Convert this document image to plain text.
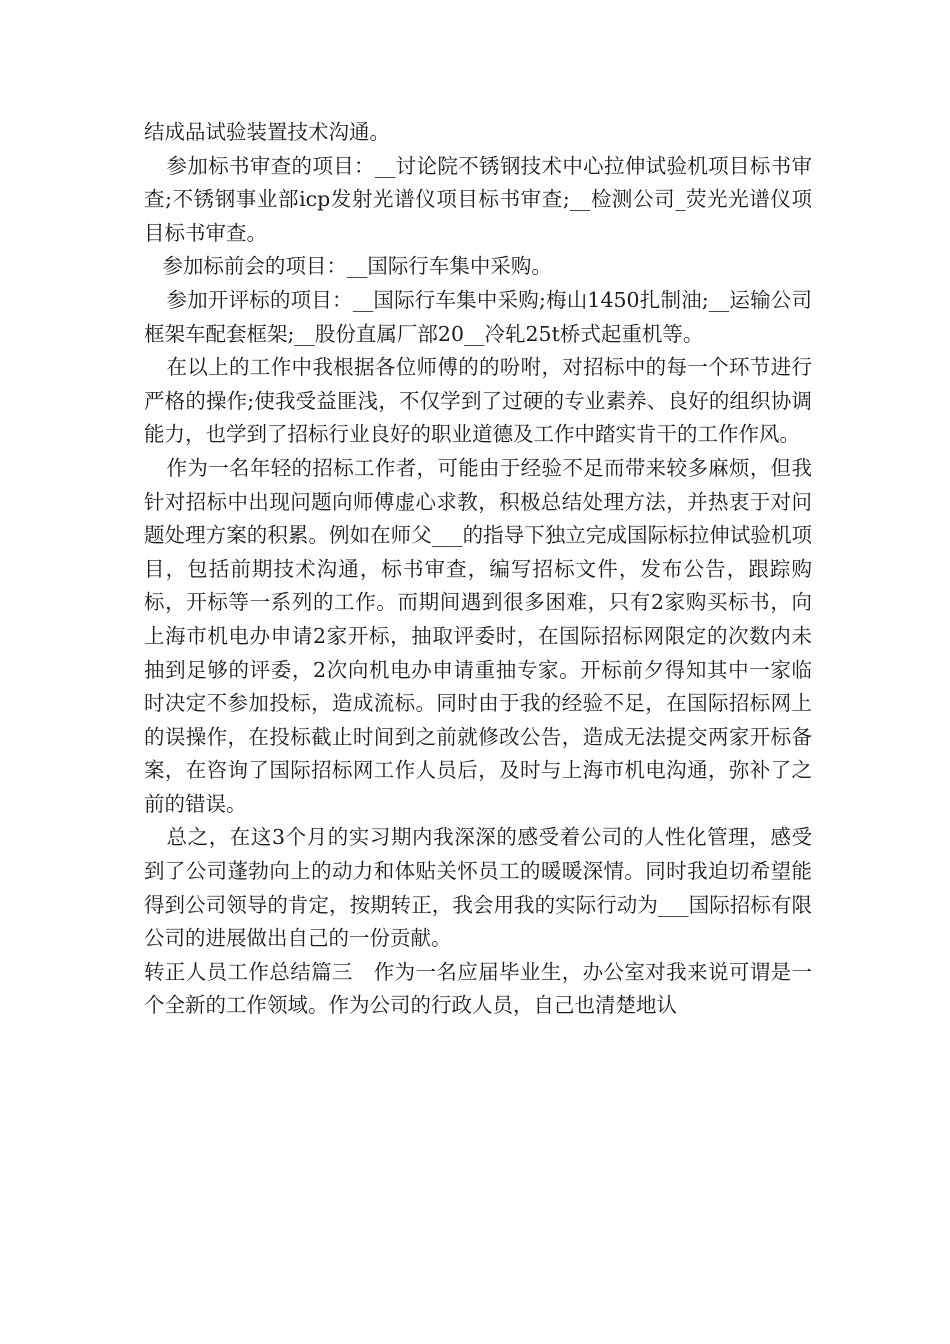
结成品试验装置技术沟通。

参加标书审查的项目：__讨论院不锈钢技术中心拉伸试验机项目标书审查;不锈钢事业部icp发射光谱仪项目标书审查;__检测公司_荧光光谱仪项目标书审查。

参加标前会的项目：__国际行车集中采购。

参加开评标的项目：__国际行车集中采购;梅山1450扎制油;__运输公司框架车配套框架;__股份直属厂部20__冷轧25t桥式起重机等。

在以上的工作中我根据各位师傅的的吩咐，对招标中的每一个环节进行严格的操作;使我受益匪浅，不仅学到了过硬的专业素养、良好的组织协调能力，也学到了招标行业良好的职业道德及工作中踏实肯干的工作作风。

作为一名年轻的招标工作者，可能由于经验不足而带来较多麻烦，但我针对招标中出现问题向师傅虚心求教，积极总结处理方法，并热衷于对问题处理方案的积累。例如在师父___的指导下独立完成国际标拉伸试验机项目，包括前期技术沟通，标书审查，编写招标文件，发布公告，跟踪购标，开标等一系列的工作。而期间遇到很多困难，只有2家购买标书，向上海市机电办申请2家开标，抽取评委时，在国际招标网限定的次数内未抽到足够的评委，2次向机电办申请重抽专家。开标前夕得知其中一家临时决定不参加投标，造成流标。同时由于我的经验不足，在国际招标网上的误操作，在投标截止时间到之前就修改公告，造成无法提交两家开标备案，在咨询了国际招标网工作人员后，及时与上海市机电沟通，弥补了之前的错误。

总之，在这3个月的实习期内我深深的感受着公司的人性化管理，感受到了公司蓬勃向上的动力和体贴关怀员工的暖暖深情。同时我迫切希望能得到公司领导的肯定，按期转正，我会用我的实际行动为___国际招标有限公司的进展做出自己的一份贡献。

转正人员工作总结篇三　作为一名应届毕业生，办公室对我来说可谓是一个全新的工作领域。作为公司的行政人员，自己也清楚地认
